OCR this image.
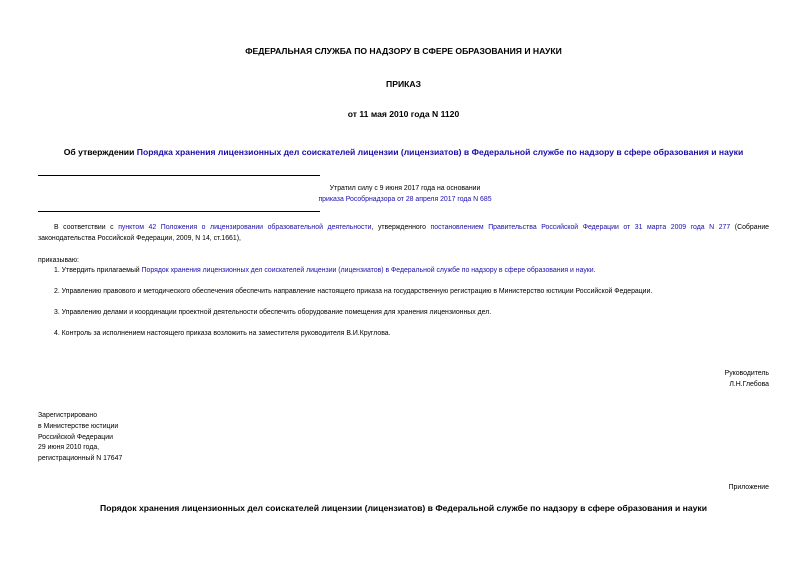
ФЕДЕРАЛЬНАЯ СЛУЖБА ПО НАДЗОРУ В СФЕРЕ ОБРАЗОВАНИЯ И НАУКИ
ПРИКАЗ
от 11 мая 2010 года N 1120
Об утверждении Порядка хранения лицензионных дел соискателей лицензии (лицензиатов) в Федеральной службе по надзору в сфере образования и науки
Утратил силу с 9 июня 2017 года на основании
приказа Рособрнадзора от 28 апреля 2017 года N 685
В соответствии с пунктом 42 Положения о лицензировании образовательной деятельности, утвержденного постановлением Правительства Российской Федерации от 31 марта 2009 года N 277 (Собрание законодательства Российской Федерации, 2009, N 14, ст.1661),
приказываю:
1. Утвердить прилагаемый Порядок хранения лицензионных дел соискателей лицензии (лицензиатов) в Федеральной службе по надзору в сфере образования и науки.
2. Управлению правового и методического обеспечения обеспечить направление настоящего приказа на государственную регистрацию в Министерство юстиции Российской Федерации.
3. Управлению делами и координации проектной деятельности обеспечить оборудование помещения для хранения лицензионных дел.
4. Контроль за исполнением настоящего приказа возложить на заместителя руководителя В.И.Круглова.
Руководитель
Л.Н.Глебова
Зарегистрировано
в Министерстве юстиции
Российской Федерации
29 июня 2010 года,
регистрационный N 17647
Приложение
Порядок хранения лицензионных дел соискателей лицензии (лицензиатов) в Федеральной службе по надзору в сфере образования и науки
